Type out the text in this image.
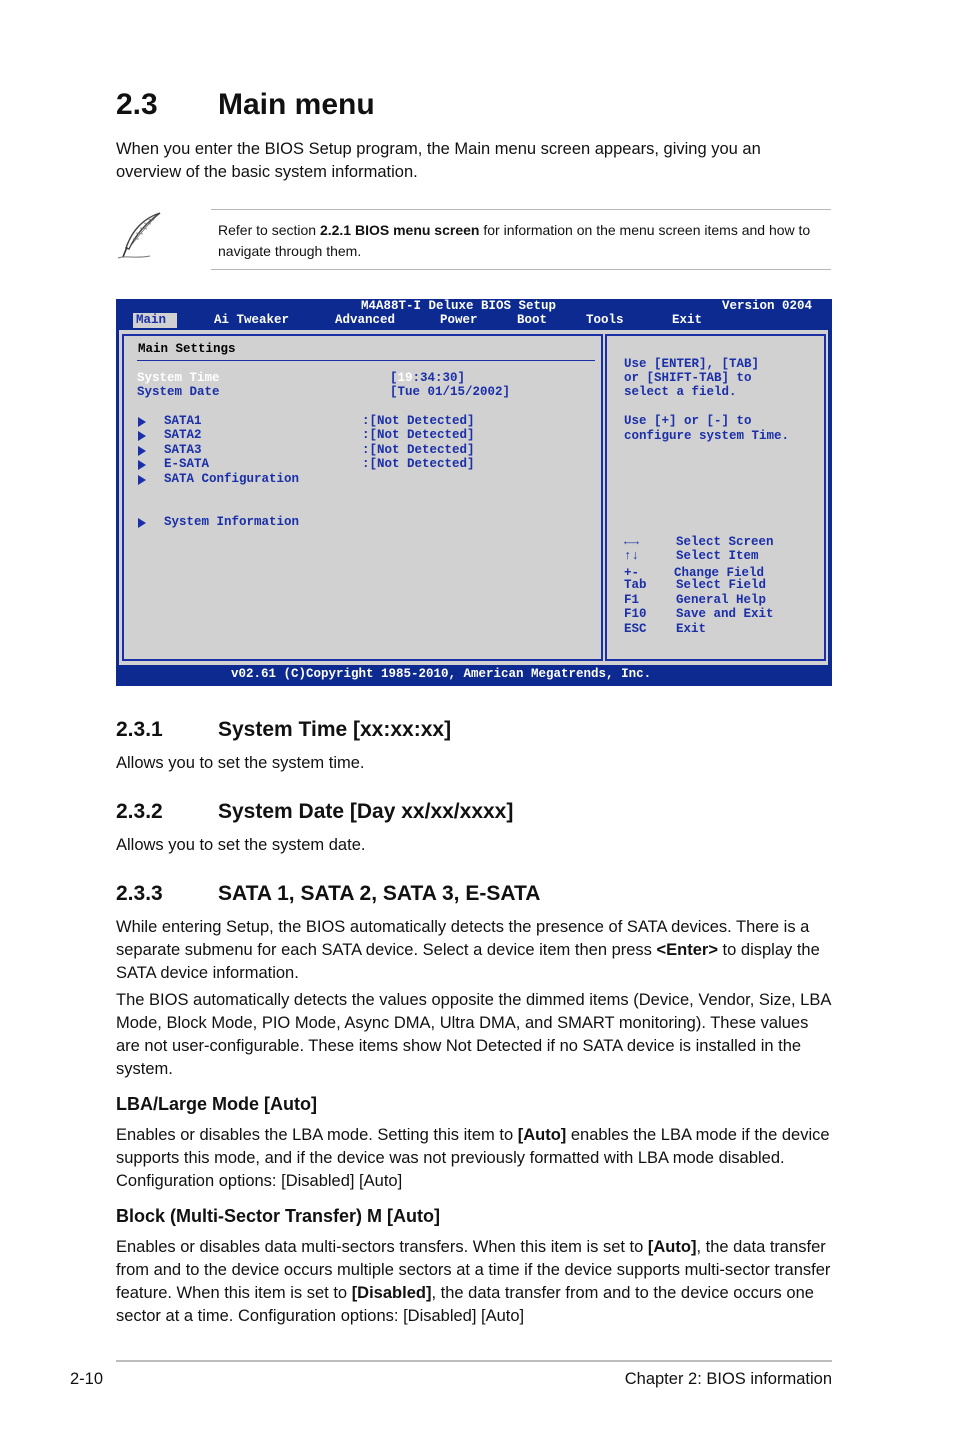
2.3 Main menu
When you enter the BIOS Setup program, the Main menu screen appears, giving you an overview of the basic system information.
Refer to section 2.2.1 BIOS menu screen for information on the menu screen items and how to navigate through them.
M4A88T-I Deluxe BIOS Setup	Version 0204
Main	Ai Tweaker	Advanced	Power	Boot	Tools	Exit
Main Settings
System Time	[19:34:30]
System Date	[Tue 01/15/2002]
SATA1	:[Not Detected]
SATA2	:[Not Detected]
SATA3	:[Not Detected]
E-SATA	:[Not Detected]
SATA Configuration
System Information
Use [ENTER], [TAB]
or [SHIFT-TAB] to
select a field.
Use [+] or [-] to
configure system Time.
←→	Select Screen
↑↓	Select Item
+-	Change Field
Tab Select Field
F1	General Help
F10 Save and Exit
ESC Exit
v02.61 (C)Copyright 1985-2010, American Megatrends, Inc.
2.3.1	System Time [xx:xx:xx]
Allows you to set the system time.
2.3.2	System Date [Day xx/xx/xxxx]
Allows you to set the system date.
2.3.3	SATA 1, SATA 2, SATA 3, E-SATA
While entering Setup, the BIOS automatically detects the presence of SATA devices. There is a separate submenu for each SATA device. Select a device item then press <Enter> to display the SATA device information.
The BIOS automatically detects the values opposite the dimmed items (Device, Vendor, Size, LBA Mode, Block Mode, PIO Mode, Async DMA, Ultra DMA, and SMART monitoring). These values are not user-configurable. These items show Not Detected if no SATA device is installed in the system.
LBA/Large Mode [Auto]
Enables or disables the LBA mode. Setting this item to [Auto] enables the LBA mode if the device supports this mode, and if the device was not previously formatted with LBA mode disabled. Configuration options: [Disabled] [Auto]
Block (Multi-Sector Transfer) M [Auto]
Enables or disables data multi-sectors transfers. When this item is set to [Auto], the data transfer from and to the device occurs multiple sectors at a time if the device supports multi-sector transfer feature. When this item is set to [Disabled], the data transfer from and to the device occurs one sector at a time. Configuration options: [Disabled] [Auto]
2-10	Chapter 2: BIOS information
